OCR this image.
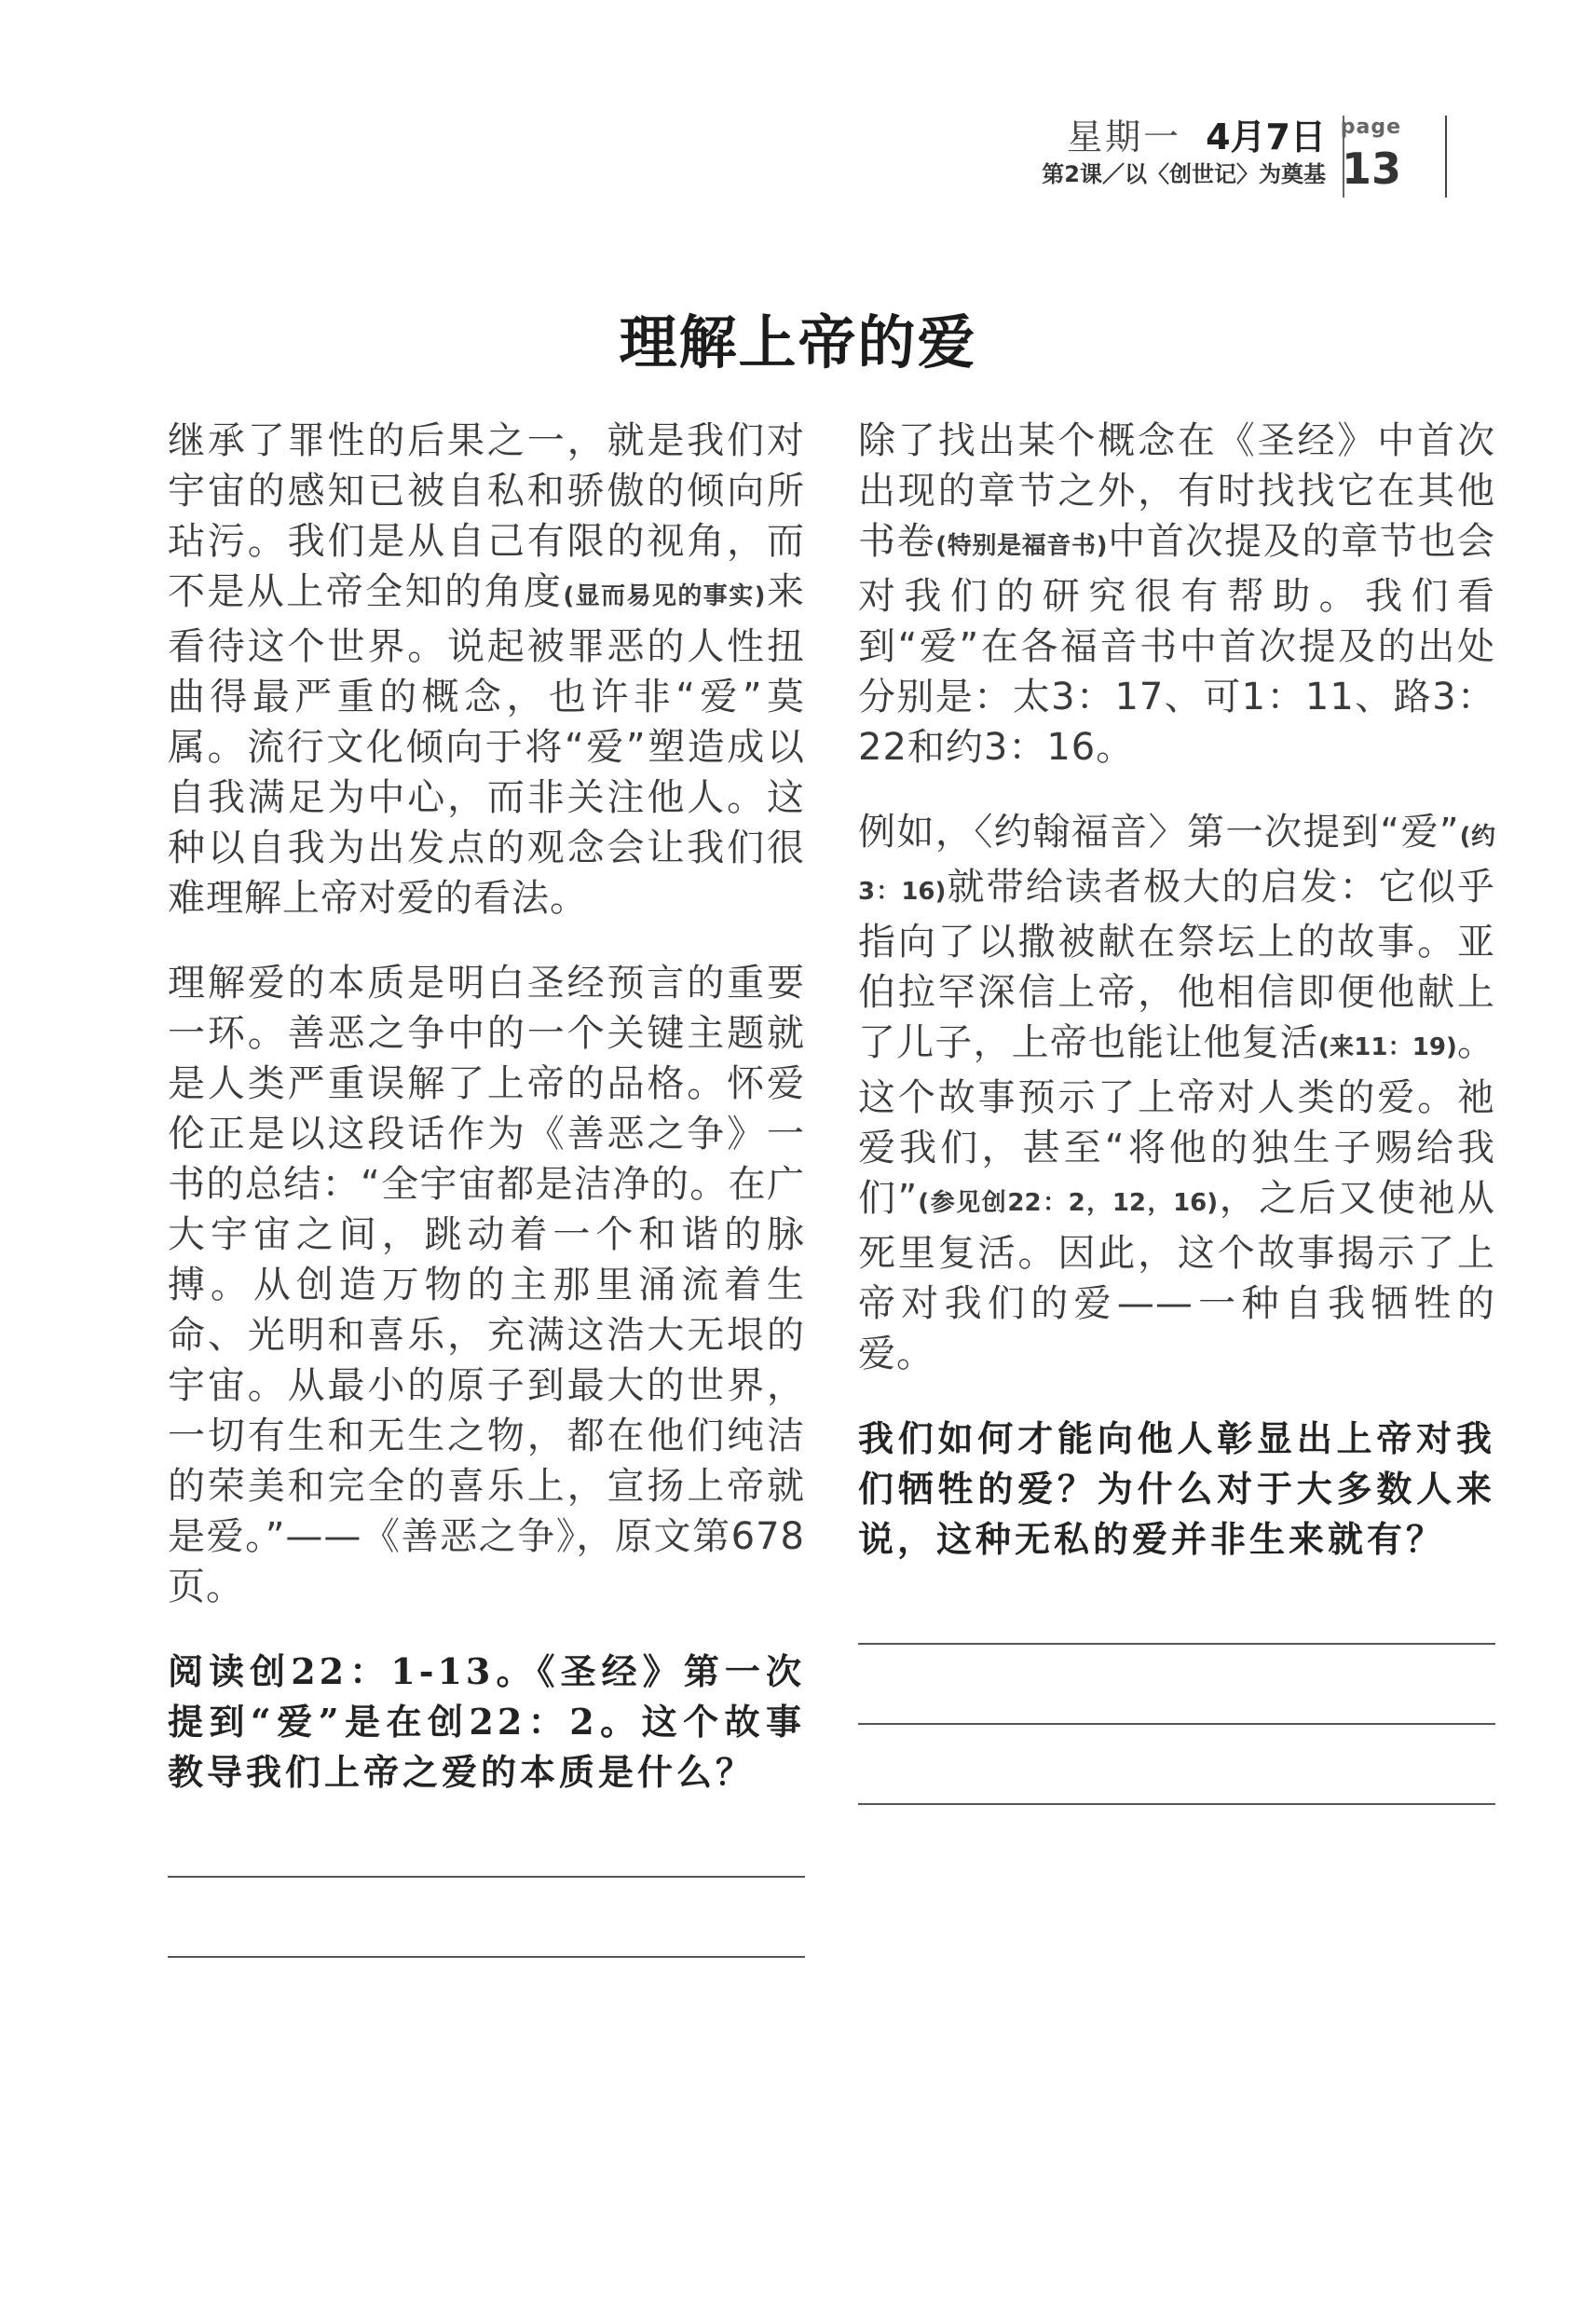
星期一 4月7日
第2课／以〈创世记〉为奠基
page
13
理解上帝的爱

继承了罪性的后果之一，就是我们对宇宙的感知已被自私和骄傲的倾向所玷污。我们是从自己有限的视角，而不是从上帝全知的角度(显而易见的事实)来看待这个世界。说起被罪恶的人性扭曲得最严重的概念，也许非“爱”莫属。流行文化倾向于将“爱”塑造成以自我满足为中心，而非关注他人。这种以自我为出发点的观念会让我们很难理解上帝对爱的看法。

理解爱的本质是明白圣经预言的重要一环。善恶之争中的一个关键主题就是人类严重误解了上帝的品格。怀爱伦正是以这段话作为《善恶之争》一书的总结：“全宇宙都是洁净的。在广大宇宙之间，跳动着一个和谐的脉搏。从创造万物的主那里涌流着生命、光明和喜乐，充满这浩大无垠的宇宙。从最小的原子到最大的世界，一切有生和无生之物，都在他们纯洁的荣美和完全的喜乐上，宣扬上帝就是爱。”——《善恶之争》，原文第678页。

阅读创22：1-13。《圣经》第一次提到“爱”是在创22：2。这个故事教导我们上帝之爱的本质是什么？

除了找出某个概念在《圣经》中首次出现的章节之外，有时找找它在其他书卷(特别是福音书)中首次提及的章节也会对我们的研究很有帮助。我们看到“爱”在各福音书中首次提及的出处分别是：太3：17、可1：11、路3：22和约3：16。

例如，〈约翰福音〉第一次提到“爱”(约3：16)就带给读者极大的启发：它似乎指向了以撒被献在祭坛上的故事。亚伯拉罕深信上帝，他相信即便他献上了儿子，上帝也能让他复活(来11：19)。这个故事预示了上帝对人类的爱。祂爱我们，甚至“将他的独生子赐给我们”(参见创22：2，12，16)，之后又使祂从死里复活。因此，这个故事揭示了上帝对我们的爱——一种自我牺牲的爱。

我们如何才能向他人彰显出上帝对我们牺牲的爱？为什么对于大多数人来说，这种无私的爱并非生来就有？
